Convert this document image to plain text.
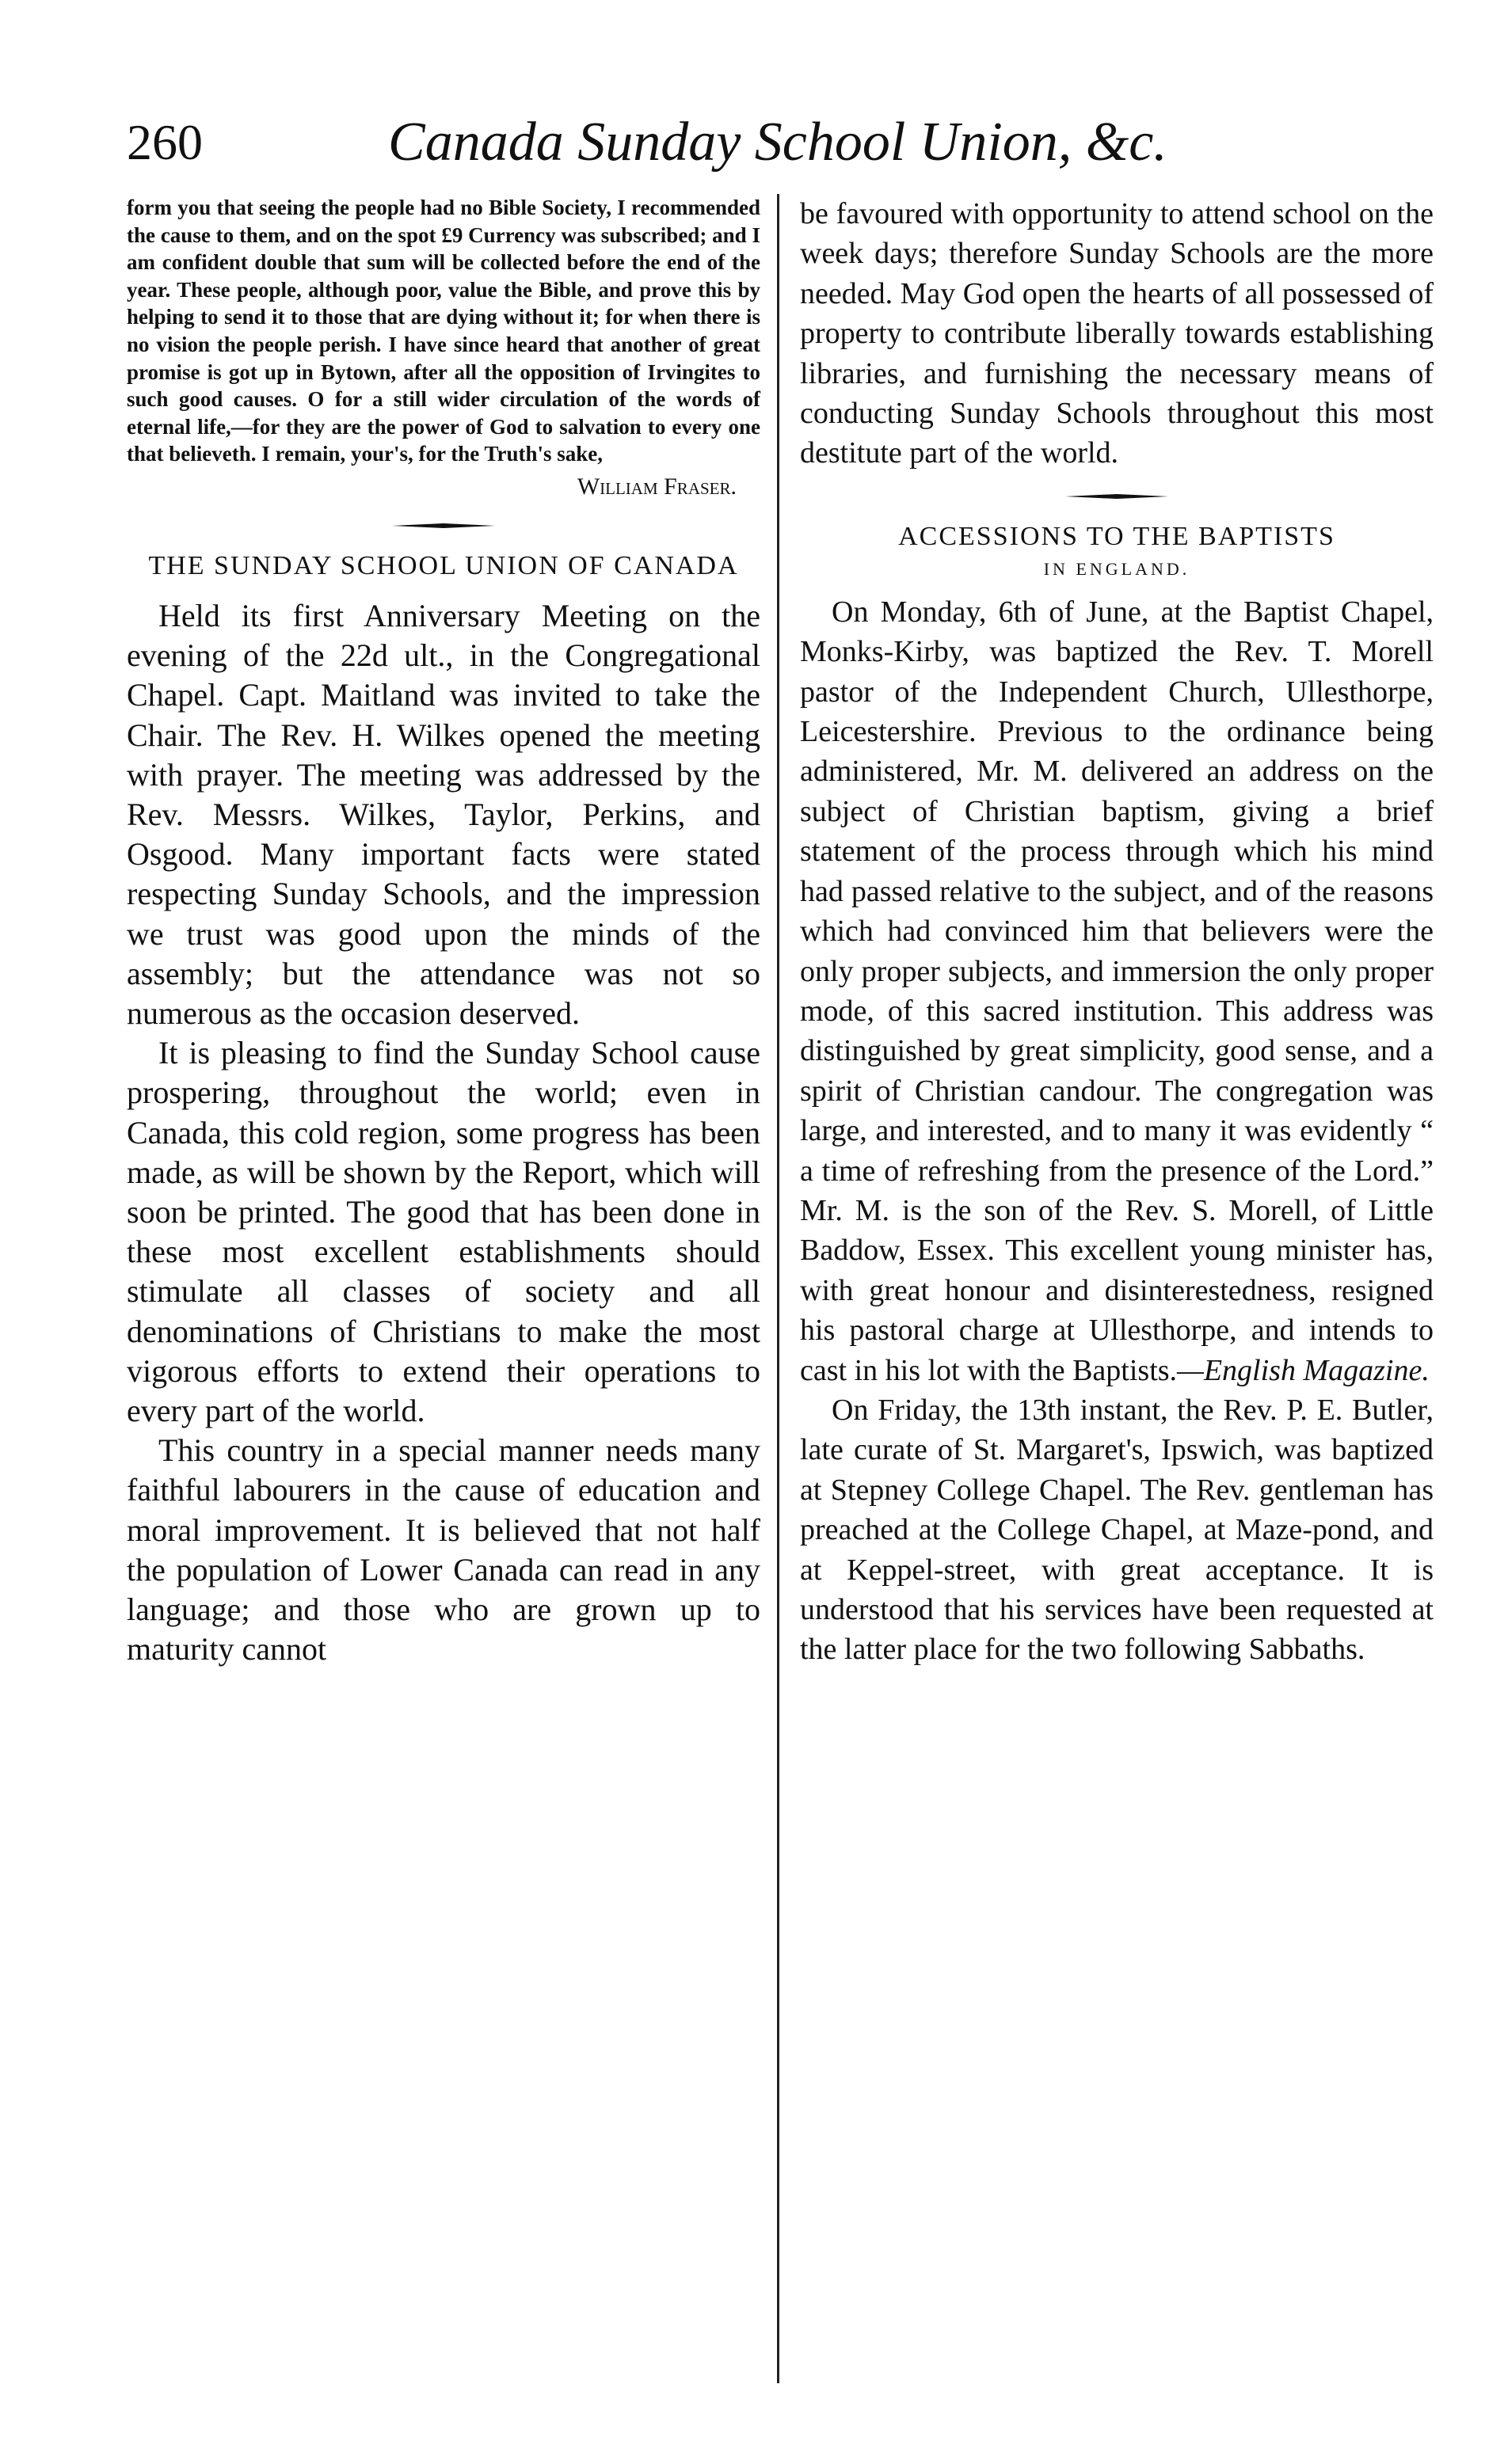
260	Canada Sunday School Union, &c.

form you that seeing the people had no Bible Society, I recommended the cause to them, and on the spot £9 Currency was subscribed; and I am confident double that sum will be collected before the end of the year. These people, although poor, value the Bible, and prove this by helping to send it to those that are dying without it; for when there is no vision the people perish. I have since heard that another of great promise is got up in Bytown, after all the opposition of Irvingites to such good causes. O for a still wider circulation of the words of eternal life,—for they are the power of God to salvation to every one that believeth. I remain, your's, for the Truth's sake,

William Fraser.

THE SUNDAY SCHOOL UNION OF CANADA

Held its first Anniversary Meeting on the evening of the 22d ult., in the Congregational Chapel. Capt. Maitland was invited to take the Chair. The Rev. H. Wilkes opened the meeting with prayer. The meeting was addressed by the Rev. Messrs. Wilkes, Taylor, Perkins, and Osgood. Many important facts were stated respecting Sunday Schools, and the impression we trust was good upon the minds of the assembly; but the attendance was not so numerous as the occasion deserved.

It is pleasing to find the Sunday School cause prospering, throughout the world; even in Canada, this cold region, some progress has been made, as will be shown by the Report, which will soon be printed. The good that has been done in these most excellent establishments should stimulate all classes of society and all denominations of Christians to make the most vigorous efforts to extend their operations to every part of the world.

This country in a special manner needs many faithful labourers in the cause of education and moral improvement. It is believed that not half the population of Lower Canada can read in any language; and those who are grown up to maturity cannot

be favoured with opportunity to attend school on the week days; therefore Sunday Schools are the more needed. May God open the hearts of all possessed of property to contribute liberally towards establishing libraries, and furnishing the necessary means of conducting Sunday Schools throughout this most destitute part of the world.

ACCESSIONS TO THE BAPTISTS

IN ENGLAND.

On Monday, 6th of June, at the Baptist Chapel, Monks-Kirby, was baptized the Rev. T. Morell pastor of the Independent Church, Ullesthorpe, Leicestershire. Previous to the ordinance being administered, Mr. M. delivered an address on the subject of Christian baptism, giving a brief statement of the process through which his mind had passed relative to the subject, and of the reasons which had convinced him that believers were the only proper subjects, and immersion the only proper mode, of this sacred institution. This address was distinguished by great simplicity, good sense, and a spirit of Christian candour. The congregation was large, and interested, and to many it was evidently “ a time of refreshing from the presence of the Lord.” Mr. M. is the son of the Rev. S. Morell, of Little Baddow, Essex. This excellent young minister has, with great honour and disinterestedness, resigned his pastoral charge at Ullesthorpe, and intends to cast in his lot with the Baptists.—English Magazine.

On Friday, the 13th instant, the Rev. P. E. Butler, late curate of St. Margaret's, Ipswich, was baptized at Stepney College Chapel. The Rev. gentleman has preached at the College Chapel, at Maze-pond, and at Keppel-street, with great acceptance. It is understood that his services have been requested at the latter place for the two following Sabbaths.
